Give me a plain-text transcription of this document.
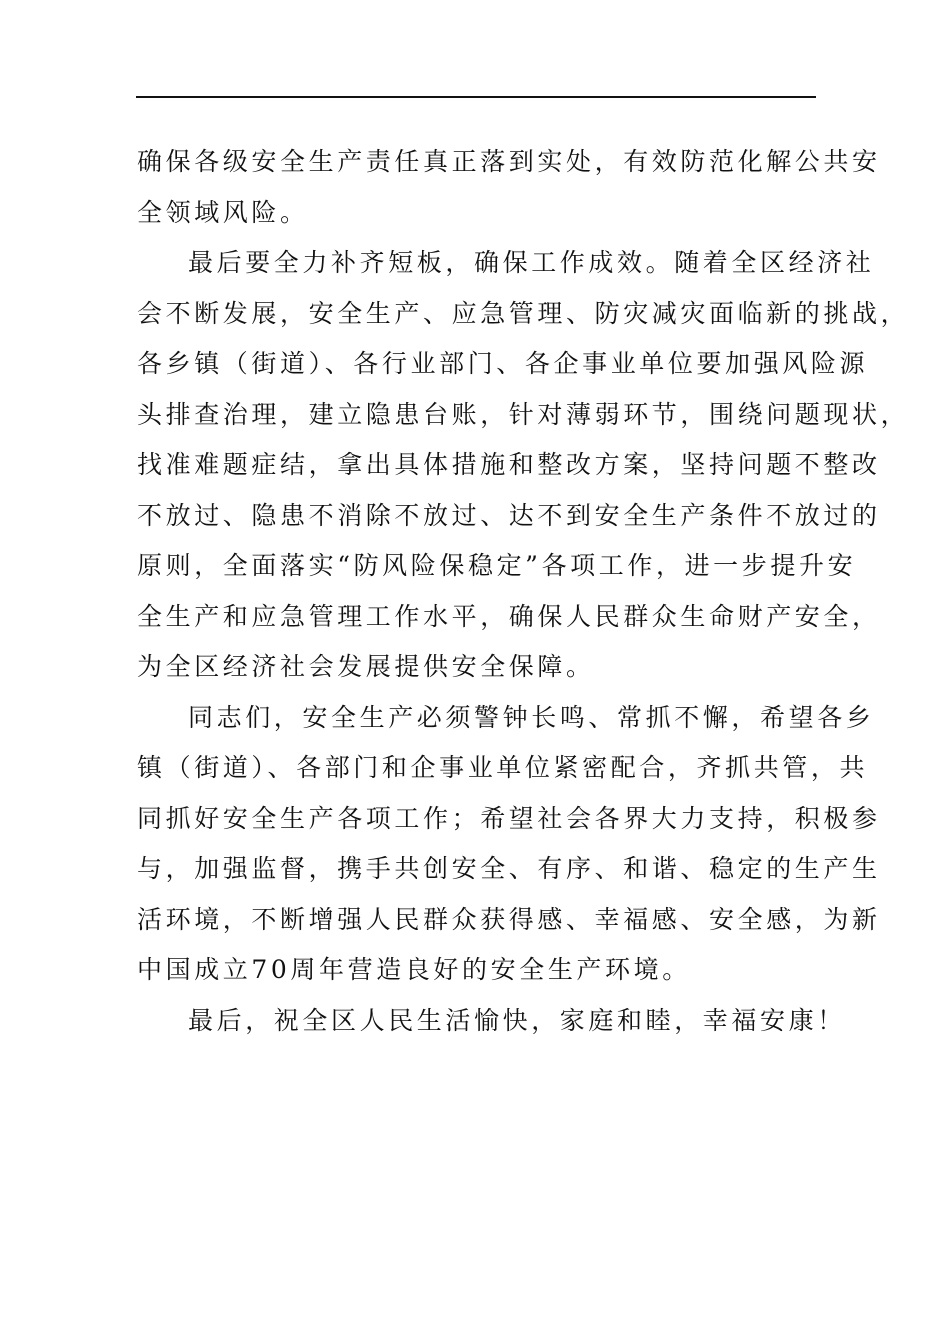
确保各级安全生产责任真正落到实处，有效防范化解公共安
全领域风险。
最后要全力补齐短板，确保工作成效。随着全区经济社
会不断发展，安全生产、应急管理、防灾减灾面临新的挑战，
各乡镇（街道）、各行业部门、各企事业单位要加强风险源
头排查治理，建立隐患台账，针对薄弱环节，围绕问题现状，
找准难题症结，拿出具体措施和整改方案，坚持问题不整改
不放过、隐患不消除不放过、达不到安全生产条件不放过的
原则，全面落实“防风险保稳定”各项工作，进一步提升安
全生产和应急管理工作水平，确保人民群众生命财产安全，
为全区经济社会发展提供安全保障。
同志们，安全生产必须警钟长鸣、常抓不懈，希望各乡
镇（街道）、各部门和企事业单位紧密配合，齐抓共管，共
同抓好安全生产各项工作；希望社会各界大力支持，积极参
与，加强监督，携手共创安全、有序、和谐、稳定的生产生
活环境，不断增强人民群众获得感、幸福感、安全感，为新
中国成立70周年营造良好的安全生产环境。
最后，祝全区人民生活愉快，家庭和睦，幸福安康！
